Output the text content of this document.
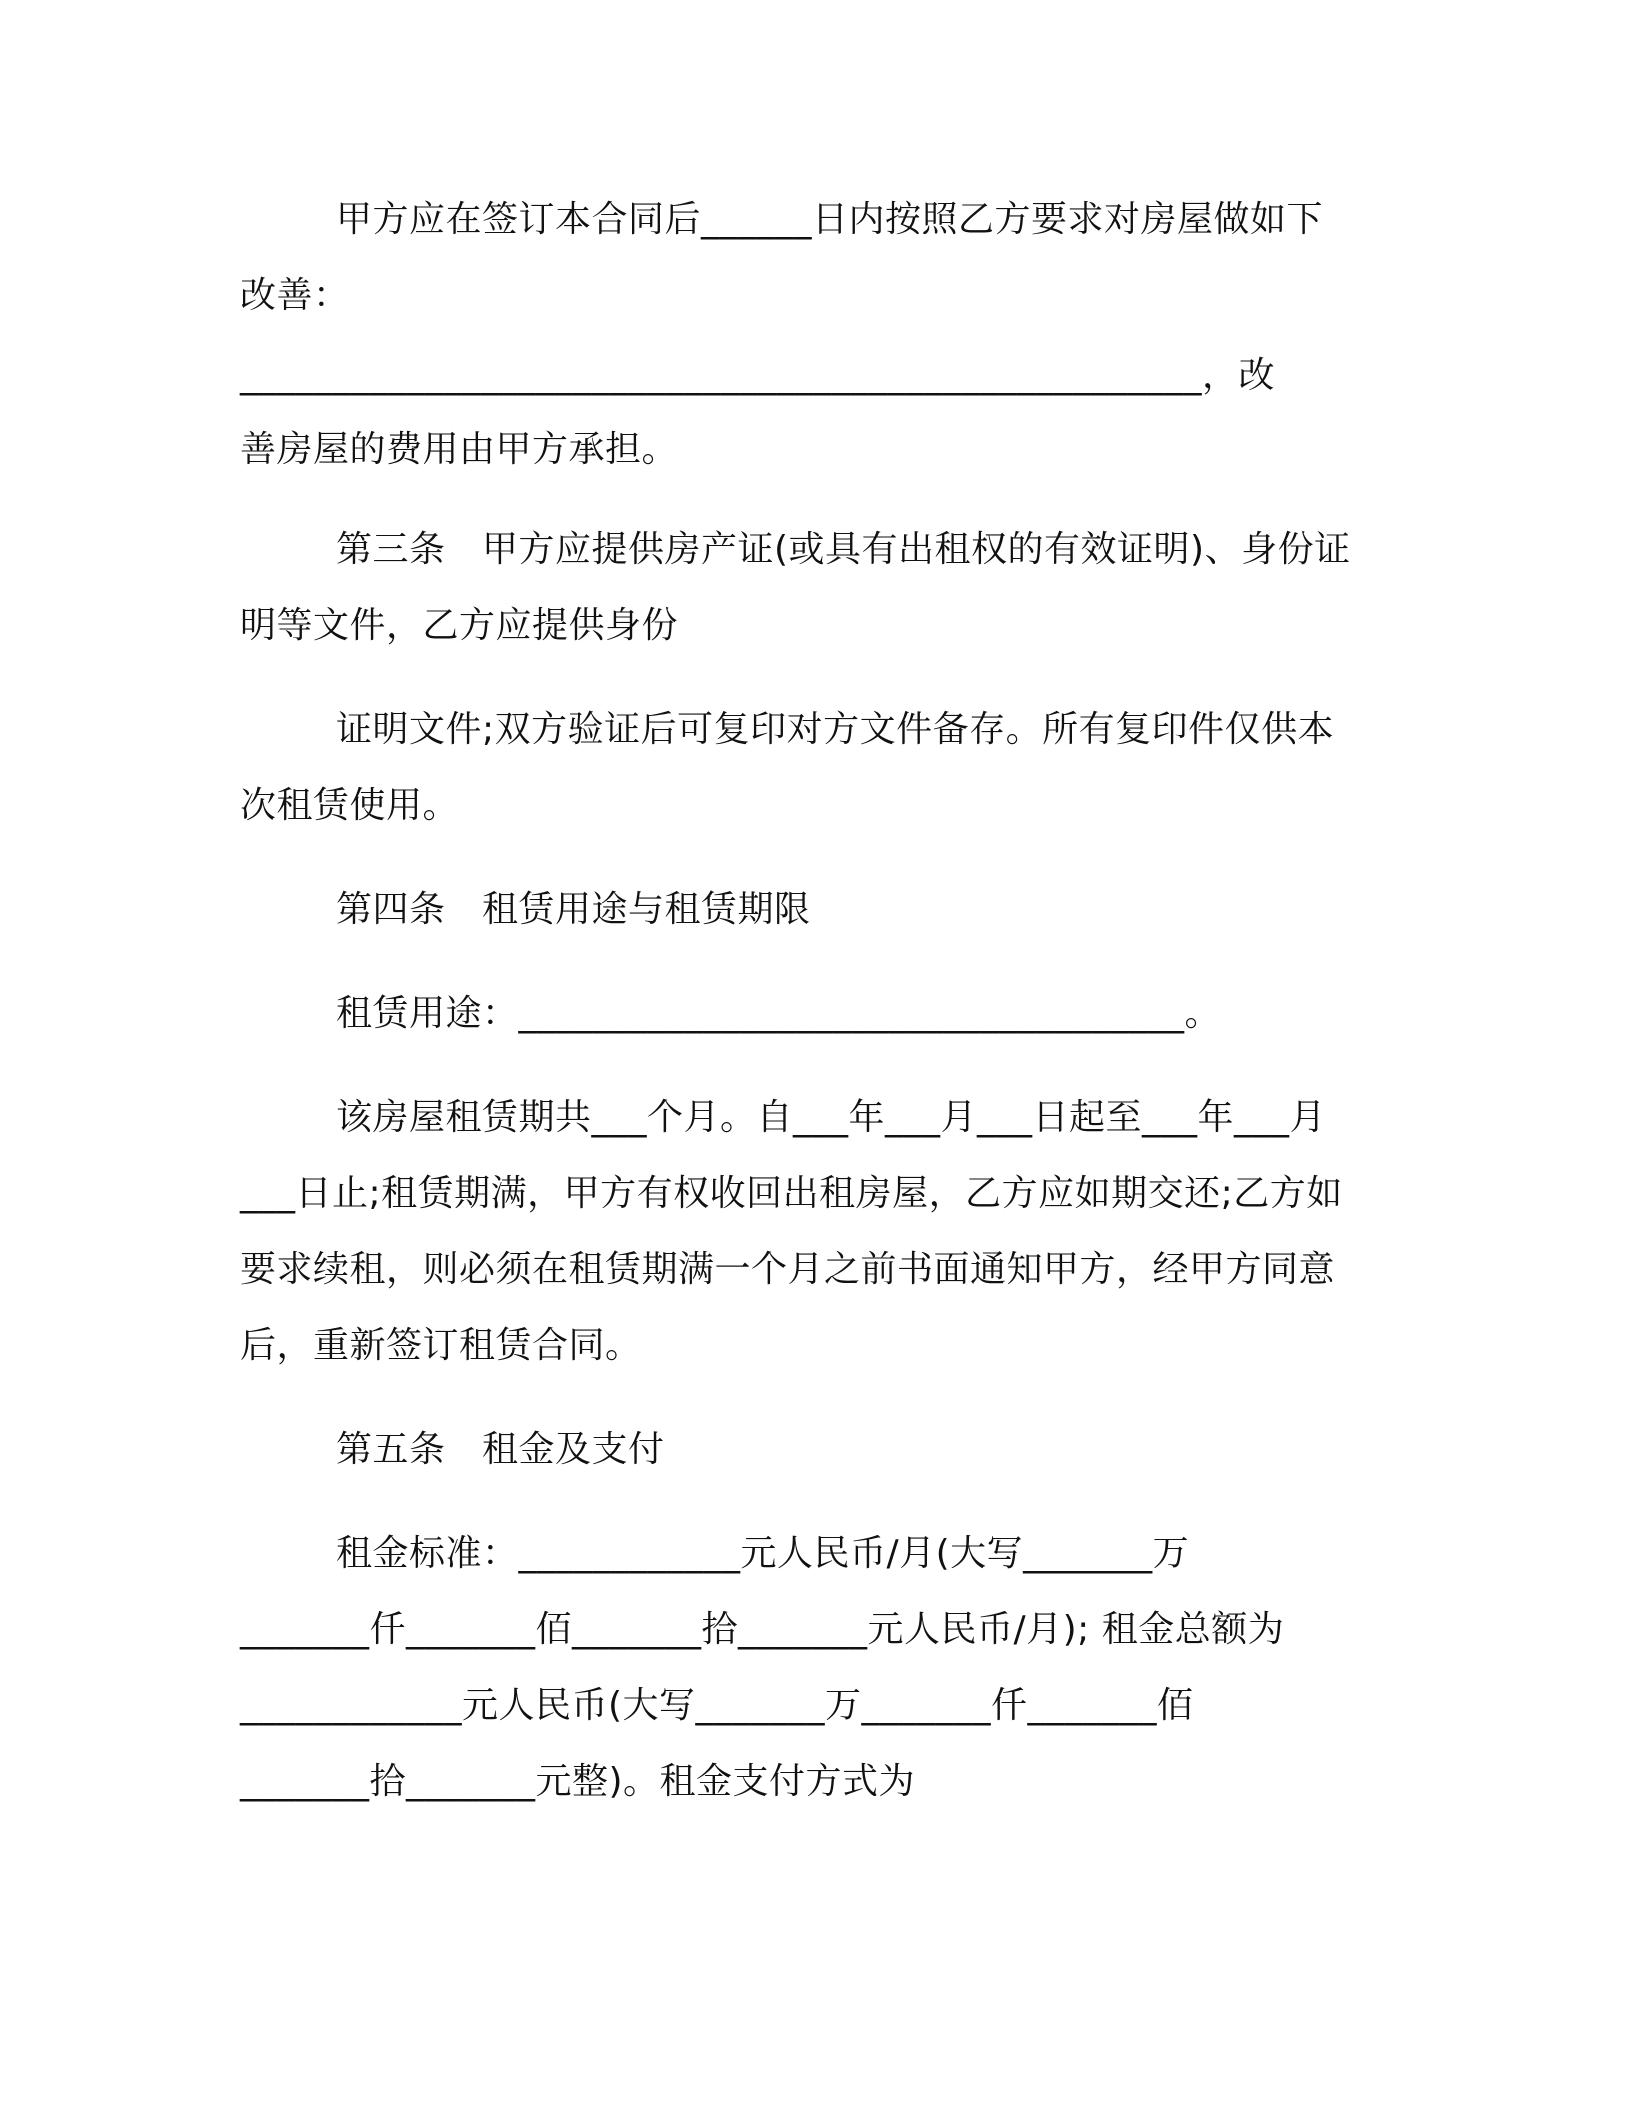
甲方应在签订本合同后______日内按照乙方要求对房屋做如下
改善：
____________________________________________________，改
善房屋的费用由甲方承担。
第三条　甲方应提供房产证(或具有出租权的有效证明)、身份证
明等文件，乙方应提供身份
证明文件;双方验证后可复印对方文件备存。所有复印件仅供本
次租赁使用。
第四条　租赁用途与租赁期限
租赁用途：____________________________________。
该房屋租赁期共___个月。自___年___月___日起至___年___月
___日止;租赁期满，甲方有权收回出租房屋，乙方应如期交还;乙方如
要求续租，则必须在租赁期满一个月之前书面通知甲方，经甲方同意
后，重新签订租赁合同。
第五条　租金及支付
租金标准：____________元人民币/月(大写_______万
_______仟_______佰_______拾_______元人民币/月); 租金总额为
____________元人民币(大写_______万_______仟_______佰
_______拾_______元整)。租金支付方式为
